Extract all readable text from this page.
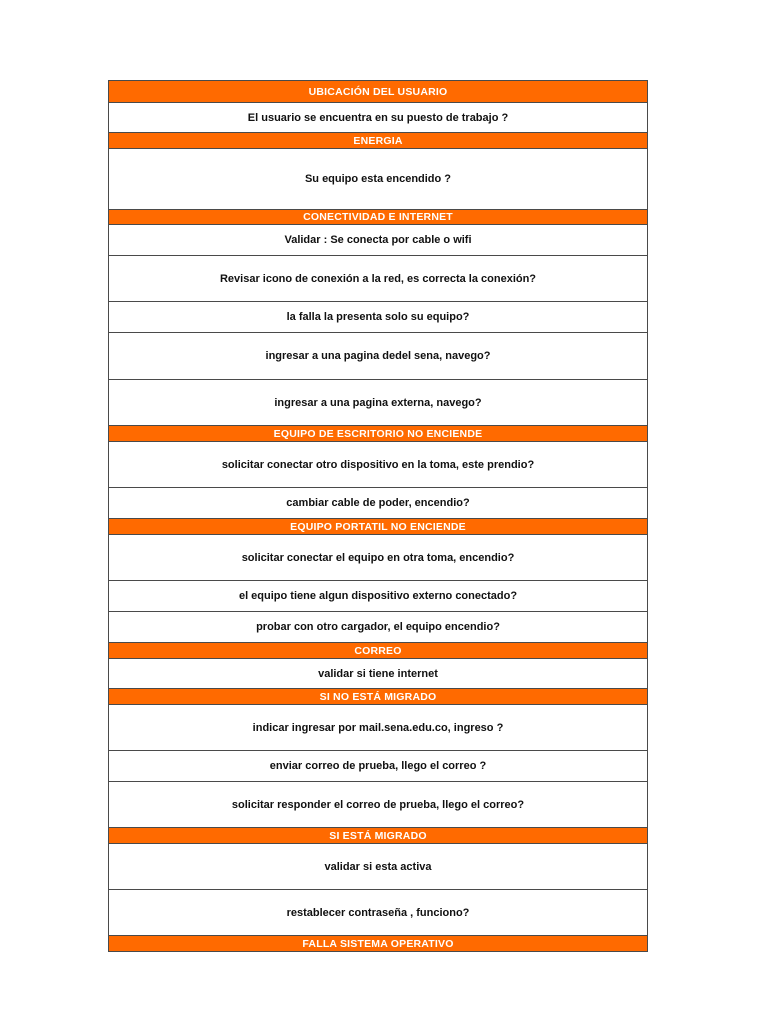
UBICACIÓN DEL USUARIO
El usuario se encuentra en su puesto de trabajo ?
ENERGIA
Su equipo esta encendido ?
CONECTIVIDAD E INTERNET
Validar : Se conecta por cable o wifi
Revisar icono de conexión a la red, es correcta la conexión?
la falla la presenta solo su equipo?
ingresar a una pagina dedel sena, navego?
ingresar a una pagina externa, navego?
EQUIPO DE ESCRITORIO NO ENCIENDE
solicitar conectar otro dispositivo en la toma, este prendio?
cambiar cable de poder, encendio?
EQUIPO PORTATIL NO ENCIENDE
solicitar conectar el equipo en otra toma, encendio?
el equipo tiene algun dispositivo externo conectado?
probar con otro cargador, el equipo encendio?
CORREO
validar si tiene internet
SI NO ESTÁ MIGRADO
indicar ingresar por mail.sena.edu.co, ingreso ?
enviar correo de prueba, llego el correo ?
solicitar responder el correo de prueba, llego el correo?
SI ESTÁ MIGRADO
validar si esta activa
restablecer contraseña , funciono?
FALLA SISTEMA OPERATIVO
